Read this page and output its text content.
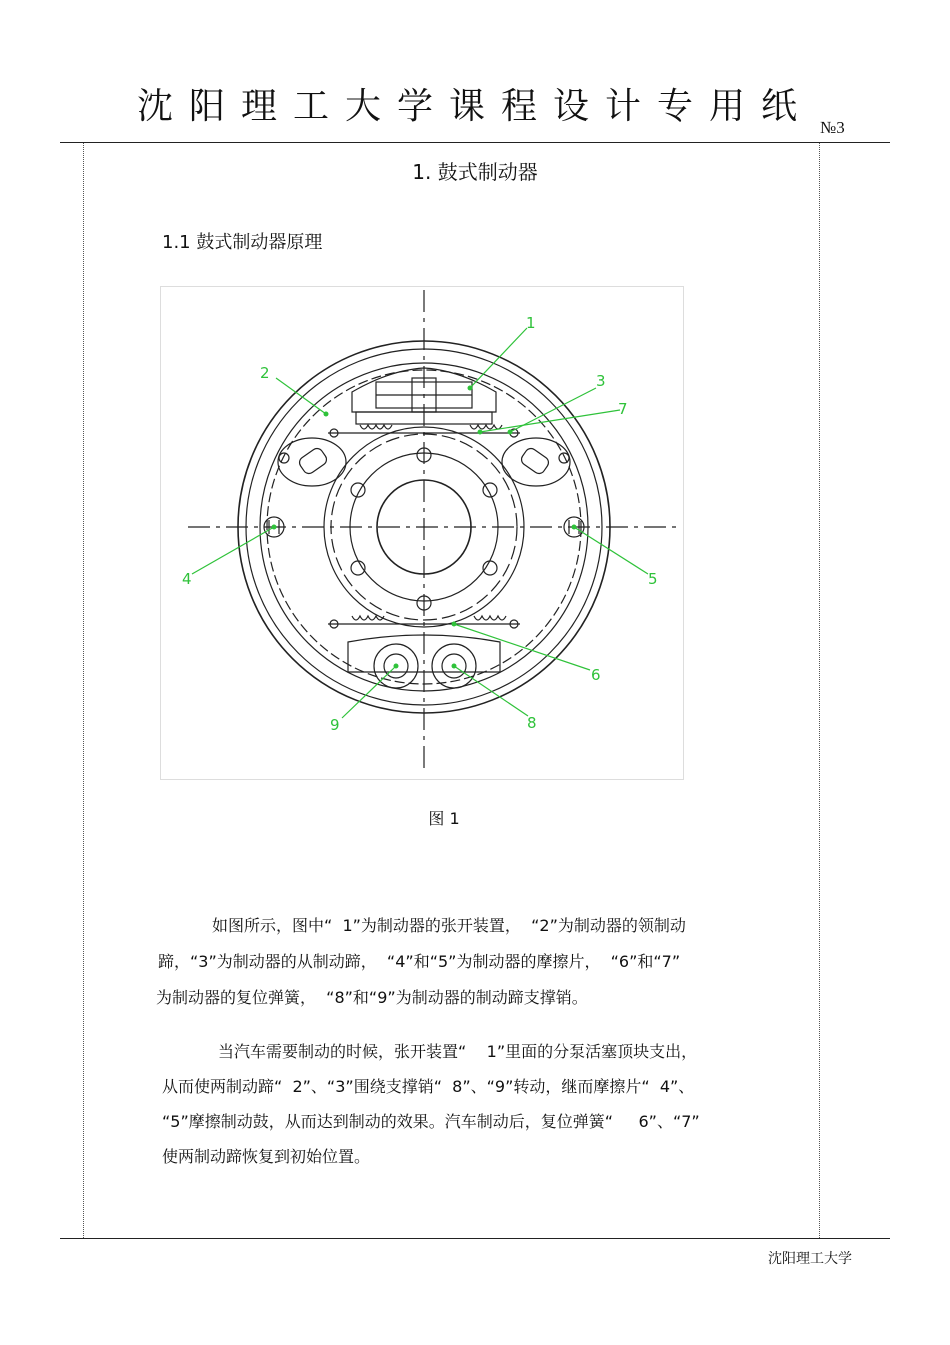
沈阳理工大学课程设计专用纸
№3
1. 鼓式制动器
1.1 鼓式制动器原理
1
2	3
4	5
6
7
8
9
图 1
如图所示，图中“  1”为制动器的张开装置，  “2”为制动器的领制动
蹄，“3”为制动器的从制动蹄，  “4”和“5”为制动器的摩擦片，  “6”和“7”
为制动器的复位弹簧，  “8”和“9”为制动器的制动蹄支撑销。
当汽车需要制动的时候，张开装置“    1”里面的分泵活塞顶块支出，
从而使两制动蹄“  2”、“3”围绕支撑销“  8”、“9”转动，继而摩擦片“  4”、
“5”摩擦制动鼓，从而达到制动的效果。汽车制动后，复位弹簧“     6”、“7”
使两制动蹄恢复到初始位置。
沈阳理工大学
